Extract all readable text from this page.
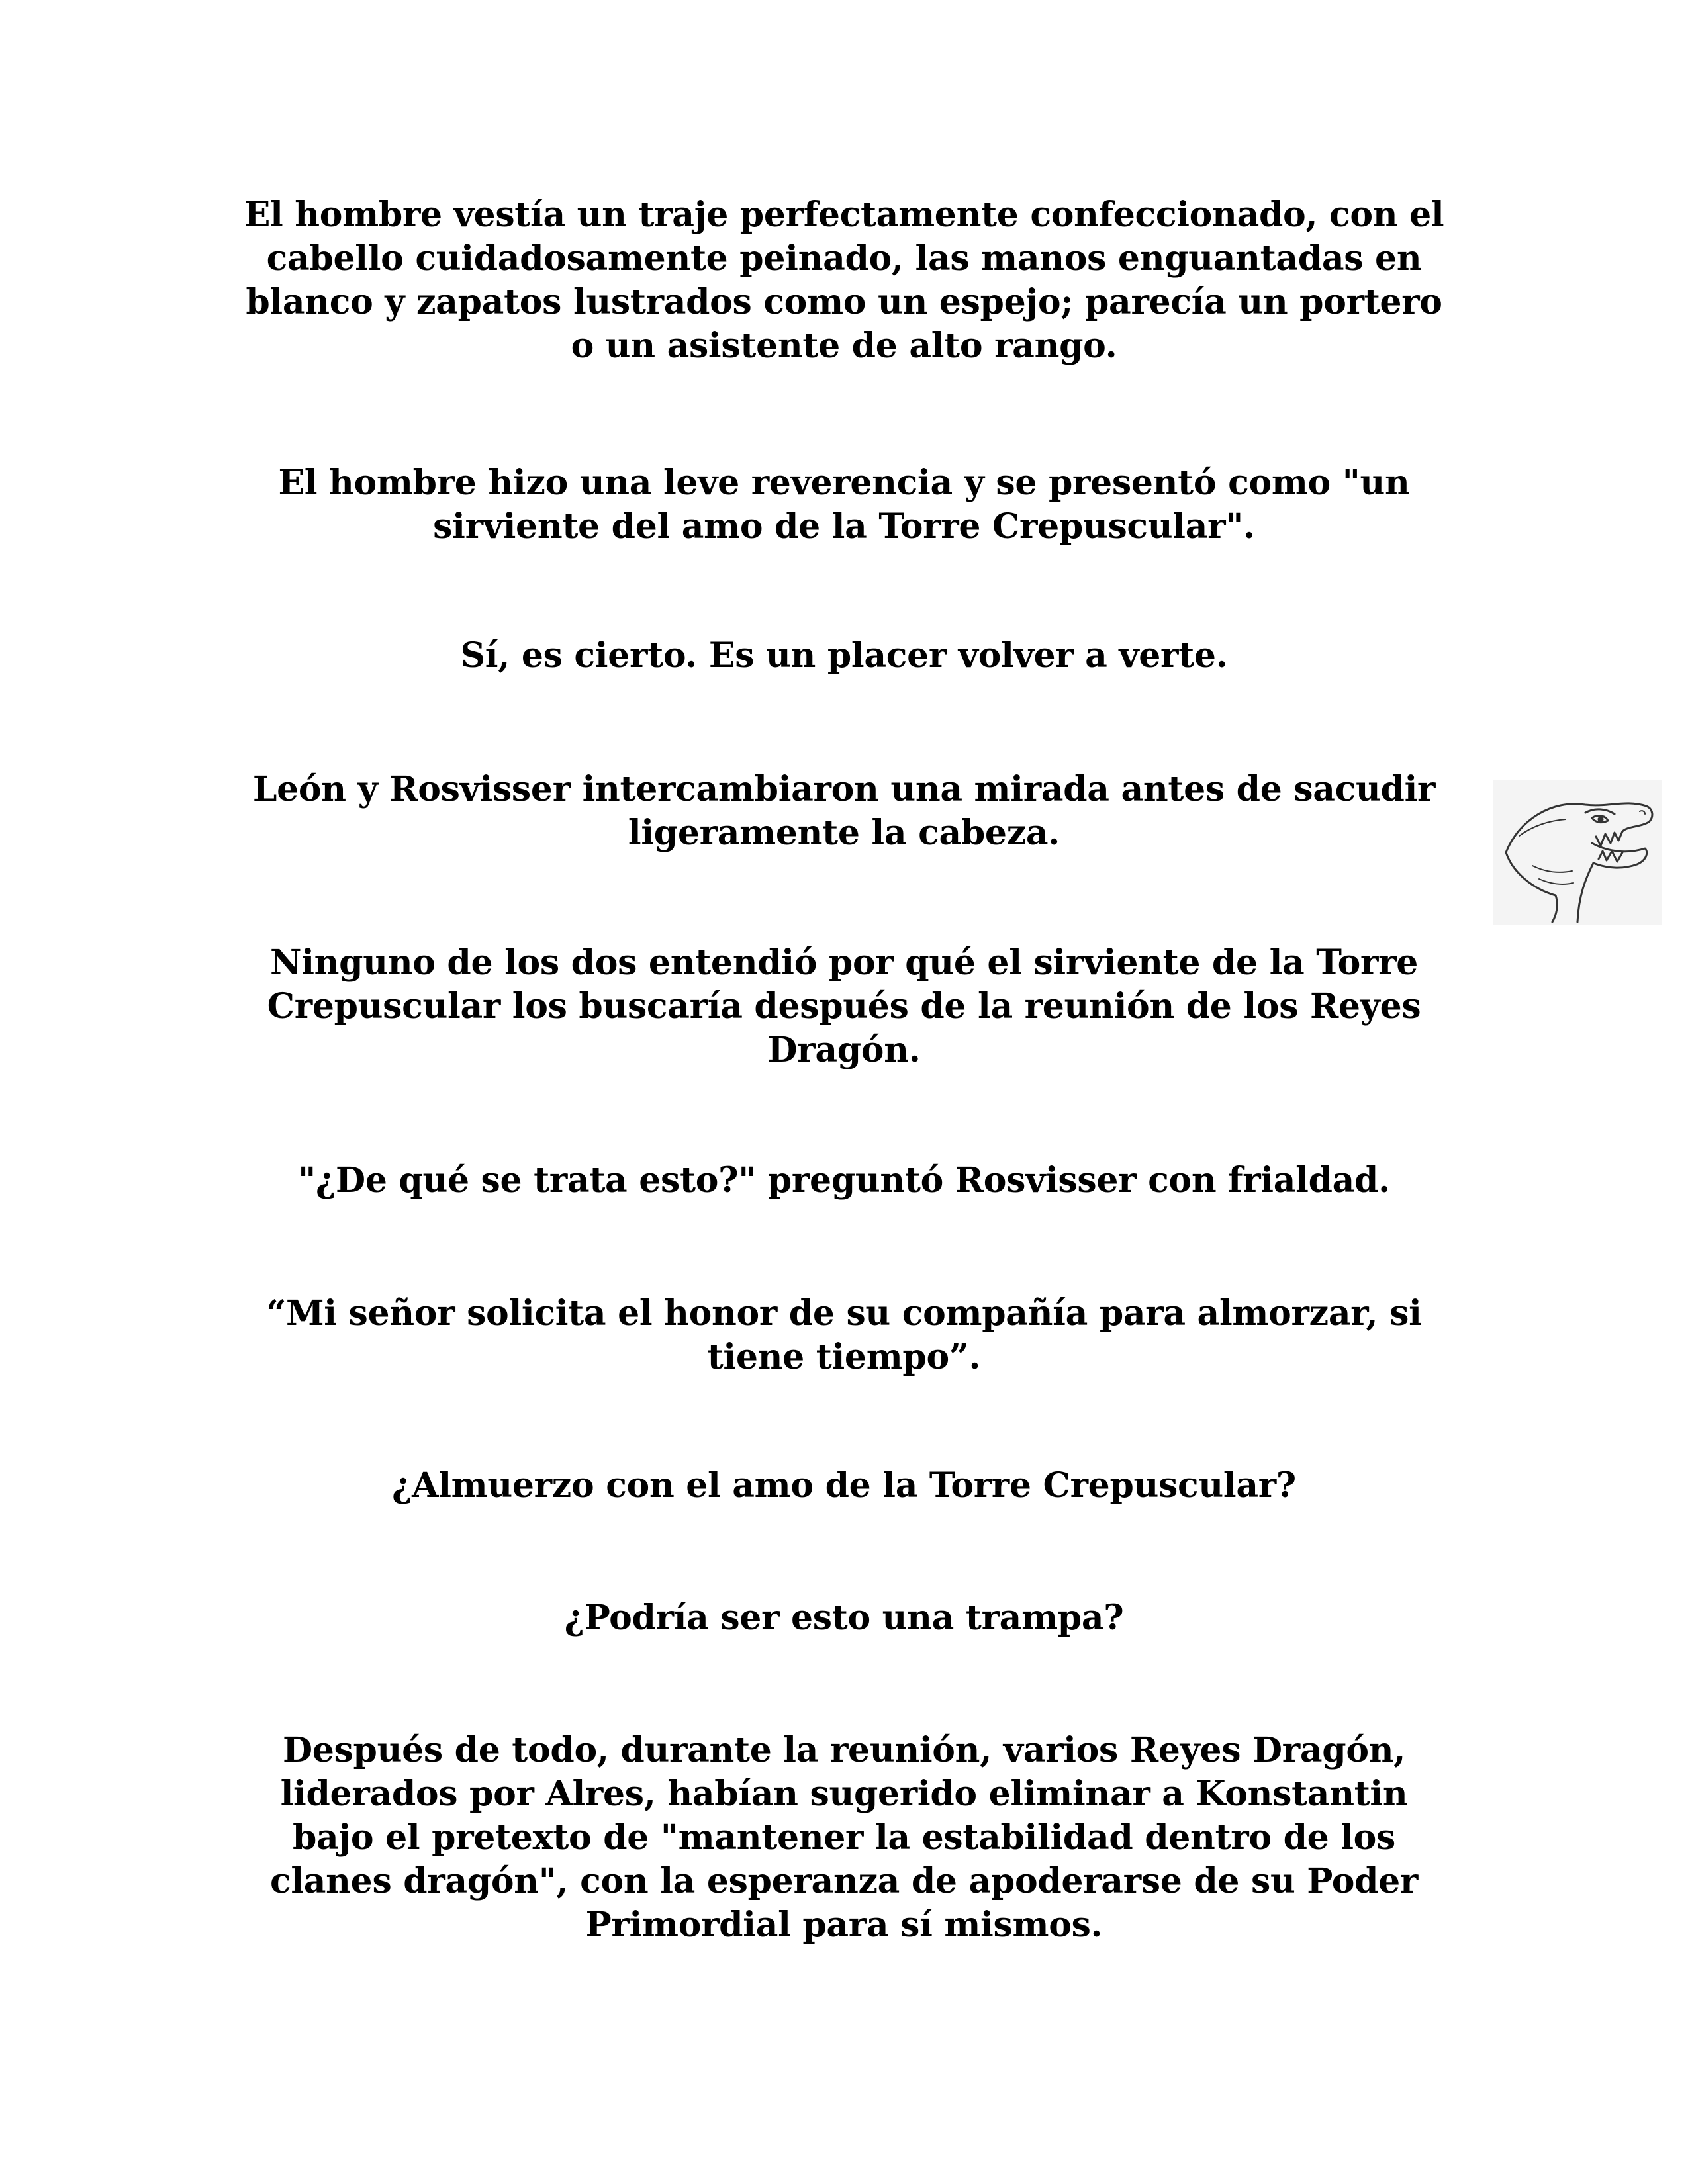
El hombre vestía un traje perfectamente confeccionado, con el
cabello cuidadosamente peinado, las manos enguantadas en
blanco y zapatos lustrados como un espejo; parecía un portero
o un asistente de alto rango.

El hombre hizo una leve reverencia y se presentó como "un
sirviente del amo de la Torre Crepuscular".

Sí, es cierto. Es un placer volver a verte.

León y Rosvisser intercambiaron una mirada antes de sacudir
ligeramente la cabeza.

Ninguno de los dos entendió por qué el sirviente de la Torre
Crepuscular los buscaría después de la reunión de los Reyes
Dragón.

"¿De qué se trata esto?" preguntó Rosvisser con frialdad.

“Mi señor solicita el honor de su compañía para almorzar, si
tiene tiempo”.

¿Almuerzo con el amo de la Torre Crepuscular?

¿Podría ser esto una trampa?

Después de todo, durante la reunión, varios Reyes Dragón,
liderados por Alres, habían sugerido eliminar a Konstantin
bajo el pretexto de "mantener la estabilidad dentro de los
clanes dragón", con la esperanza de apoderarse de su Poder
Primordial para sí mismos.
